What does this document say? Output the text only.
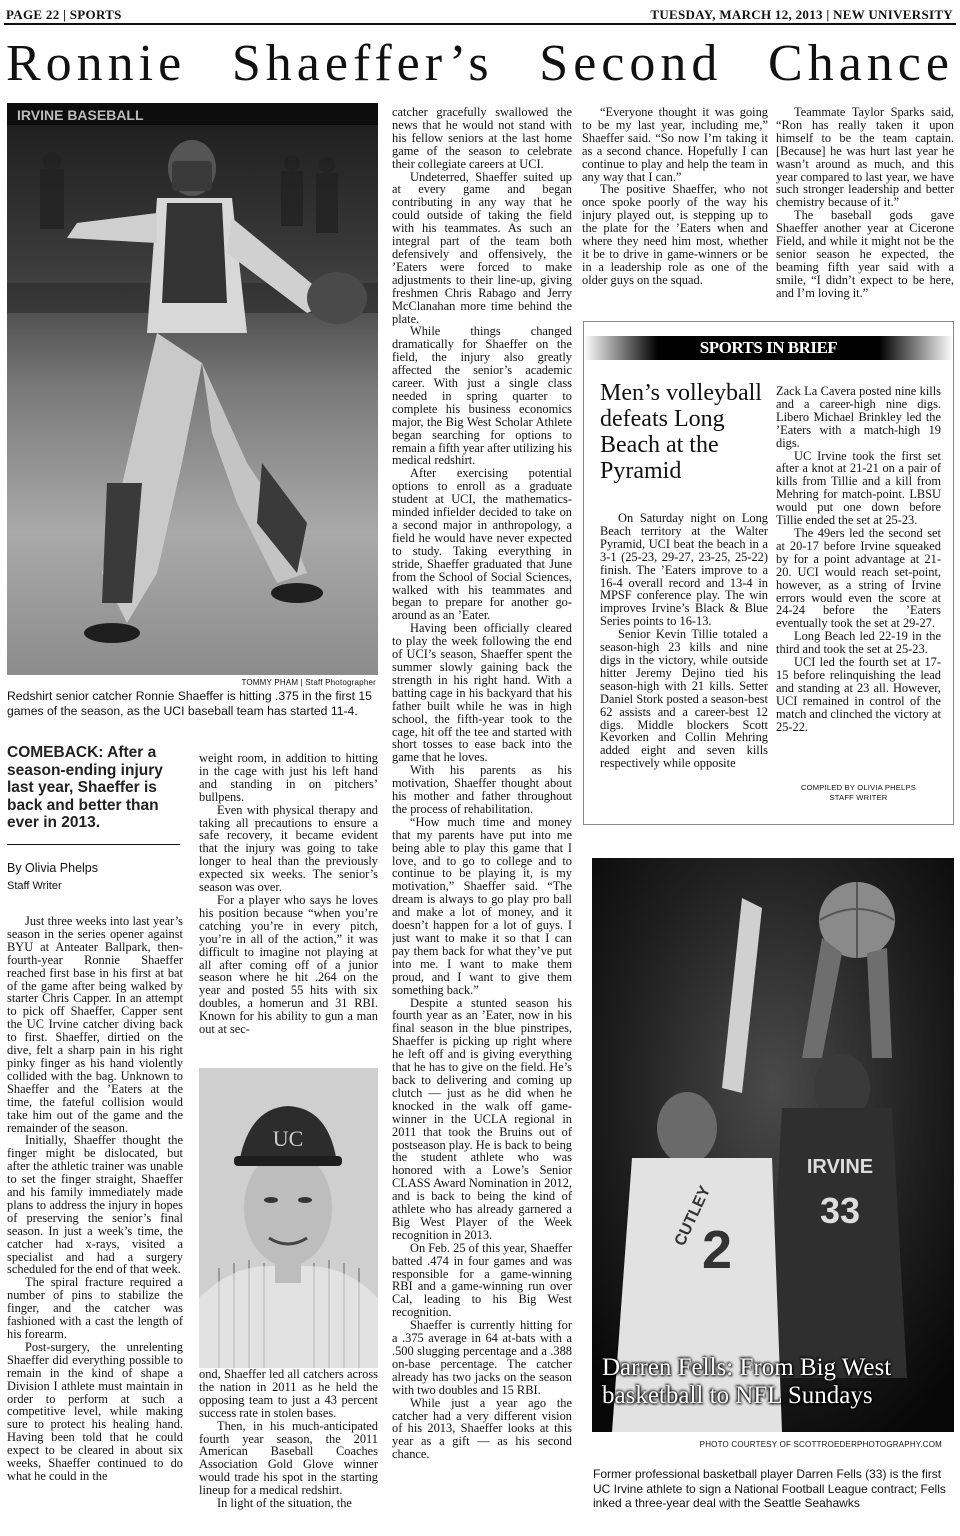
PAGE 22 | SPORTS	TUESDAY, MARCH 12, 2013 | NEW UNIVERSITY
Ronnie Shaeffer’s Second Chance
IRVINE BASEBALL
TOMMY PHAM | Staff Photographer
Redshirt senior catcher Ronnie Shaeffer is hitting .375 in the first 15 games of the season, as the UCI baseball team has started 11-4.
COMEBACK: After a season-ending injury last year, Shaeffer is back and better than ever in 2013.
By Olivia Phelps
Staff Writer

Just three weeks into last year’s season in the series opener against BYU at Anteater Ballpark, then-fourth-year Ronnie Shaeffer reached first base in his first at bat of the game after being walked by starter Chris Capper. In an attempt to pick off Shaeffer, Capper sent the UC Irvine catcher diving back to first. Shaeffer, dirtied on the dive, felt a sharp pain in his right pinky finger as his hand violently collided with the bag. Unknown to Shaeffer and the ’Eaters at the time, the fateful collision would take him out of the game and the remainder of the season.

Initially, Shaeffer thought the finger might be dislocated, but after the athletic trainer was unable to set the finger straight, Shaeffer and his family immediately made plans to address the injury in hopes of preserving the senior’s final season. In just a week’s time, the catcher had x-rays, visited a specialist and had a surgery scheduled for the end of that week.

The spiral fracture required a number of pins to stabilize the finger, and the catcher was fashioned with a cast the length of his forearm.

Post-surgery, the unrelenting Shaeffer did everything possible to remain in the kind of shape a Division I athlete must maintain in order to perform at such a competitive level, while making sure to protect his healing hand. Having been told that he could expect to be cleared in about six weeks, Shaeffer continued to do what he could in the

weight room, in addition to hitting in the cage with just his left hand and standing in on pitchers’ bullpens.

Even with physical therapy and taking all precautions to ensure a safe recovery, it became evident that the injury was going to take longer to heal than the previously expected six weeks. The senior’s season was over.

For a player who says he loves his position because “when you’re catching you’re in every pitch, you’re in all of the action,” it was difficult to imagine not playing at all after coming off of a junior season where he hit .264 on the year and posted 55 hits with six doubles, a homerun and 31 RBI. Known for his ability to gun a man out at sec-

UC

ond, Shaeffer led all catchers across the nation in 2011 as he held the opposing team to just a 43 percent success rate in stolen bases.

Then, in his much-anticipated fourth year season, the 2011 American Baseball Coaches Association Gold Glove winner would trade his spot in the starting lineup for a medical redshirt.

In light of the situation, the

catcher gracefully swallowed the news that he would not stand with his fellow seniors at the last home game of the season to celebrate their collegiate careers at UCI.

Undeterred, Shaeffer suited up at every game and began contributing in any way that he could outside of taking the field with his teammates. As such an integral part of the team both defensively and offensively, the ’Eaters were forced to make adjustments to their line-up, giving freshmen Chris Rabago and Jerry McClanahan more time behind the plate.

While things changed dramatically for Shaeffer on the field, the injury also greatly affected the senior’s academic career. With just a single class needed in spring quarter to complete his business economics major, the Big West Scholar Athlete began searching for options to remain a fifth year after utilizing his medical redshirt.

After exercising potential options to enroll as a graduate student at UCI, the mathematics-minded infielder decided to take on a second major in anthropology, a field he would have never expected to study. Taking everything in stride, Shaeffer graduated that June from the School of Social Sciences, walked with his teammates and began to prepare for another go-around as an ’Eater.

Having been officially cleared to play the week following the end of UCI’s season, Shaeffer spent the summer slowly gaining back the strength in his right hand. With a batting cage in his backyard that his father built while he was in high school, the fifth-year took to the cage, hit off the tee and started with short tosses to ease back into the game that he loves.

With his parents as his motivation, Shaeffer thought about his mother and father throughout the process of rehabilitation.

“How much time and money that my parents have put into me being able to play this game that I love, and to go to college and to continue to be playing it, is my motivation,” Shaeffer said. “The dream is always to go play pro ball and make a lot of money, and it doesn’t happen for a lot of guys. I just want to make it so that I can pay them back for what they’ve put into me. I want to make them proud, and I want to give them something back.”

Despite a stunted season his fourth year as an ’Eater, now in his final season in the blue pinstripes, Shaeffer is picking up right where he left off and is giving everything that he has to give on the field. He’s back to delivering and coming up clutch — just as he did when he knocked in the walk off game-winner in the UCLA regional in 2011 that took the Bruins out of postseason play. He is back to being the student athlete who was honored with a Lowe’s Senior CLASS Award Nomination in 2012, and is back to being the kind of athlete who has already garnered a Big West Player of the Week recognition in 2013.

On Feb. 25 of this year, Shaeffer batted .474 in four games and was responsible for a game-winning RBI and a game-winning run over Cal, leading to his Big West recognition.

Shaeffer is currently hitting for a .375 average in 64 at-bats with a .500 slugging percentage and a .388 on-base percentage. The catcher already has two jacks on the season with two doubles and 15 RBI.

While just a year ago the catcher had a very different vision of his 2013, Shaeffer looks at this year as a gift — as his second chance.

“Everyone thought it was going to be my last year, including me,” Shaeffer said. “So now I’m taking it as a second chance. Hopefully I can continue to play and help the team in any way that I can.”

The positive Shaeffer, who not once spoke poorly of the way his injury played out, is stepping up to the plate for the ’Eaters when and where they need him most, whether it be to drive in game-winners or be in a leadership role as one of the older guys on the squad.

Teammate Taylor Sparks said, “Ron has really taken it upon himself to be the team captain. [Because] he was hurt last year he wasn’t around as much, and this year compared to last year, we have such stronger leadership and better chemistry because of it.”

The baseball gods gave Shaeffer another year at Cicerone Field, and while it might not be the senior season he expected, the beaming fifth year said with a smile, “I didn’t expect to be here, and I’m loving it.”

SPORTS IN BRIEF
Men’s volleyball defeats Long Beach at the Pyramid

On Saturday night on Long Beach territory at the Walter Pyramid, UCI beat the beach in a 3-1 (25-23, 29-27, 23-25, 25-22) finish. The ’Eaters improve to a 16-4 overall record and 13-4 in MPSF conference play. The win improves Irvine’s Black & Blue Series points to 16-13.

Senior Kevin Tillie totaled a season-high 23 kills and nine digs in the victory, while outside hitter Jeremy Dejino tied his season-high with 21 kills. Setter Daniel Stork posted a season-best 62 assists and a career-best 12 digs. Middle blockers Scott Kevorken and Collin Mehring added eight and seven kills respectively while opposite

Zack La Cavera posted nine kills and a career-high nine digs. Libero Michael Brinkley led the ’Eaters with a match-high 19 digs.

UC Irvine took the first set after a knot at 21-21 on a pair of kills from Tillie and a kill from Mehring for match-point. LBSU would put one down before Tillie ended the set at 25-23.

The 49ers led the second set at 20-17 before Irvine squeaked by for a point advantage at 21-20. UCI would reach set-point, however, as a string of Irvine errors would even the score at 24-24 before the ’Eaters eventually took the set at 29-27.

Long Beach led 22-19 in the third and took the set at 25-23.

UCI led the fourth set at 17-15 before relinquishing the lead and standing at 23 all. However, UCI remained in control of the match and clinched the victory at 25-22.

COMPILED BY OLIVIA PHELPS
STAFF WRITER
IRVINE
33
CUTLEY
2
Darren Fells: From Big West
basketball to NFL Sundays
PHOTO COURTESY OF SCOTTROEDERPHOTOGRAPHY.COM
Former professional basketball player Darren Fells (33) is the first UC Irvine athlete to sign a National Football League contract; Fells inked a three-year deal with the Seattle Seahawks
